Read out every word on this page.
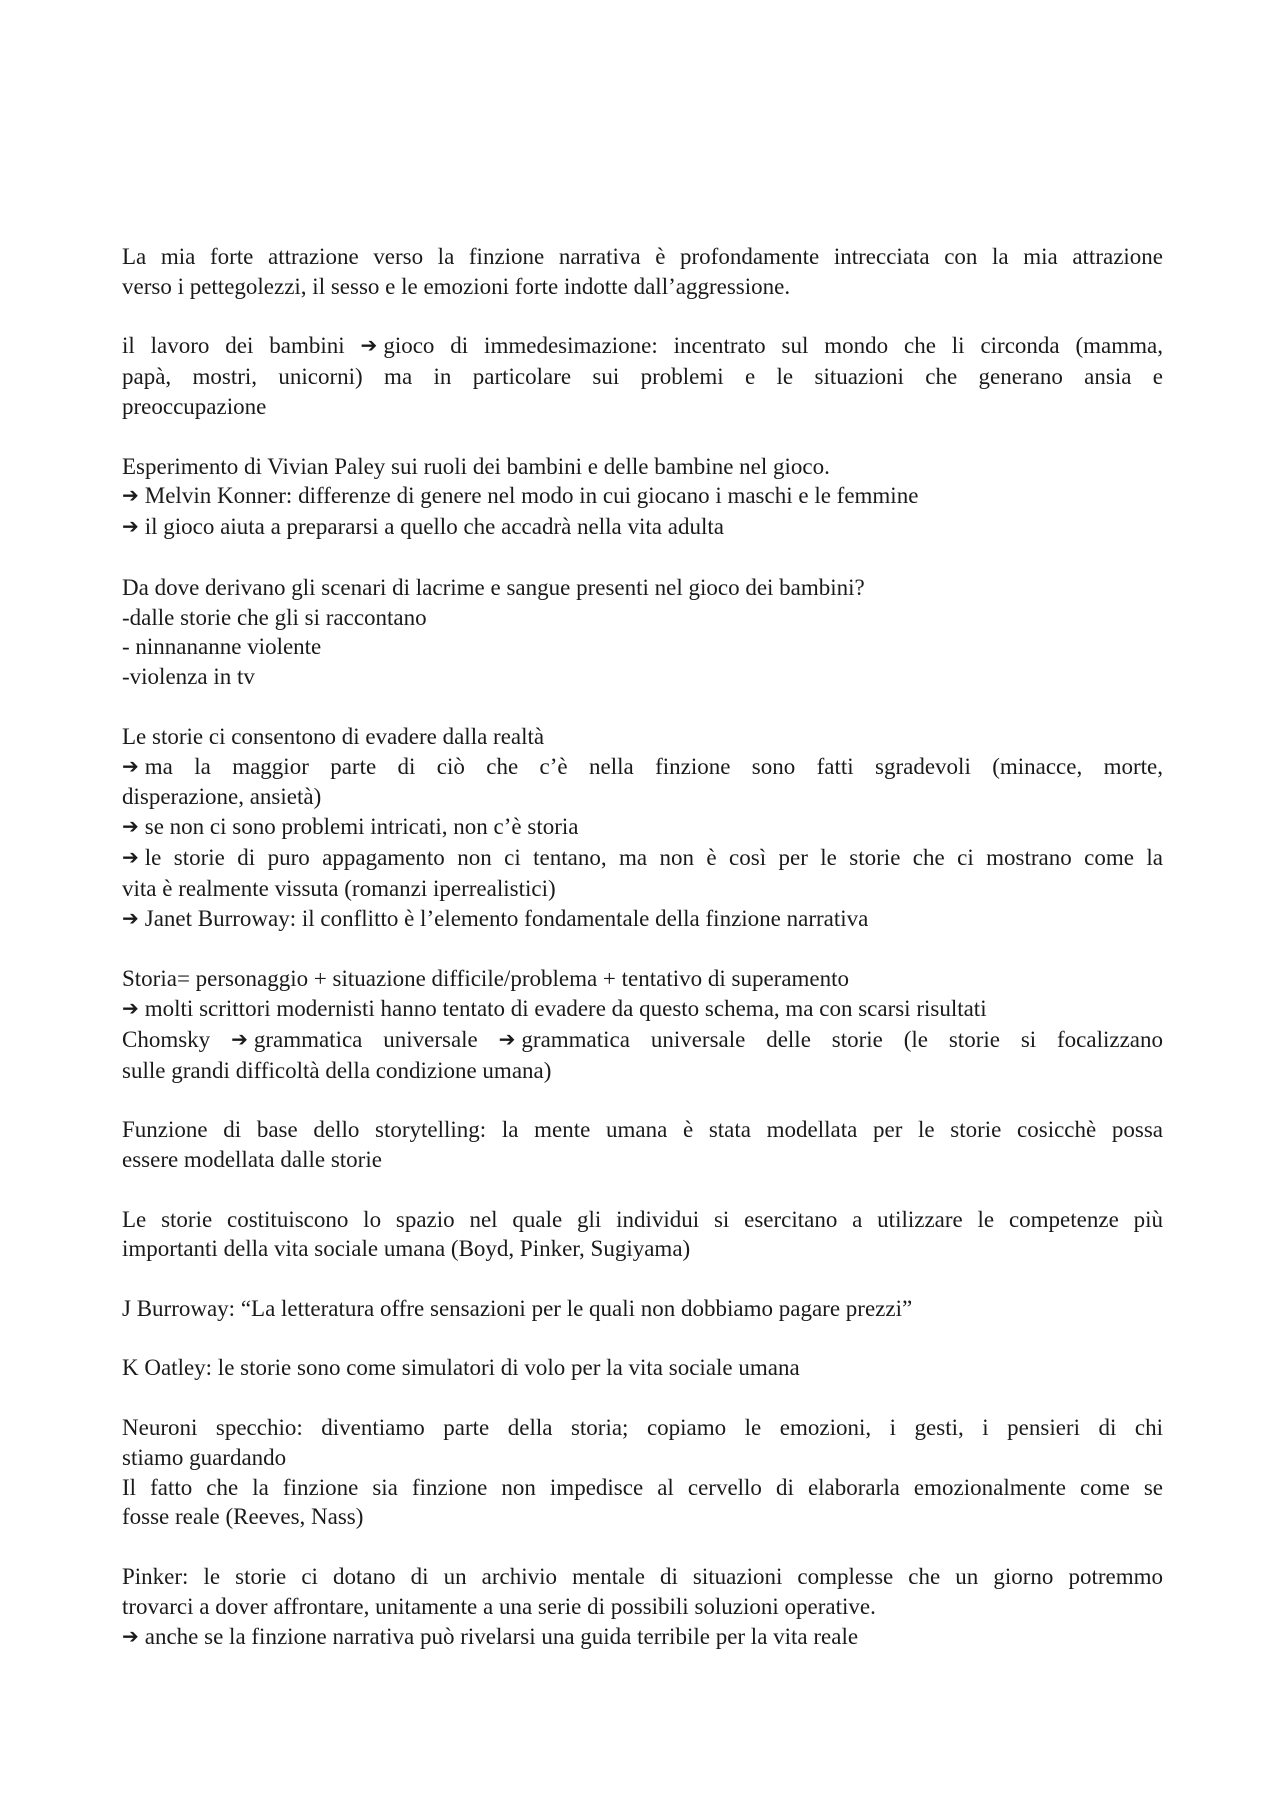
La mia forte attrazione verso la finzione narrativa è profondamente intrecciata con la mia attrazione
verso i pettegolezzi, il sesso e le emozioni forte indotte dall’aggressione.
il lavoro dei bambini ➔ gioco di immedesimazione: incentrato sul mondo che li circonda (mamma,
papà, mostri, unicorni) ma in particolare sui problemi e le situazioni che generano ansia e
preoccupazione
Esperimento di Vivian Paley sui ruoli dei bambini e delle bambine nel gioco.
➔ Melvin Konner: differenze di genere nel modo in cui giocano i maschi e le femmine
➔ il gioco aiuta a prepararsi a quello che accadrà nella vita adulta
Da dove derivano gli scenari di lacrime e sangue presenti nel gioco dei bambini?
-dalle storie che gli si raccontano
- ninnananne violente
-violenza in tv
Le storie ci consentono di evadere dalla realtà
➔ ma la maggior parte di ciò che c’è nella finzione sono fatti sgradevoli (minacce, morte,
disperazione, ansietà)
➔ se non ci sono problemi intricati, non c’è storia
➔ le storie di puro appagamento non ci tentano, ma non è così per le storie che ci mostrano come la
vita è realmente vissuta (romanzi iperrealistici)
➔ Janet Burroway: il conflitto è l’elemento fondamentale della finzione narrativa
Storia= personaggio + situazione difficile/problema + tentativo di superamento
➔ molti scrittori modernisti hanno tentato di evadere da questo schema, ma con scarsi risultati
Chomsky ➔ grammatica universale ➔ grammatica universale delle storie (le storie si focalizzano
sulle grandi difficoltà della condizione umana)
Funzione di base dello storytelling: la mente umana è stata modellata per le storie cosicchè possa
essere modellata dalle storie
Le storie costituiscono lo spazio nel quale gli individui si esercitano a utilizzare le competenze più
importanti della vita sociale umana (Boyd, Pinker, Sugiyama)
J Burroway: “La letteratura offre sensazioni per le quali non dobbiamo pagare prezzi”
K Oatley: le storie sono come simulatori di volo per la vita sociale umana
Neuroni specchio: diventiamo parte della storia; copiamo le emozioni, i gesti, i pensieri di chi
stiamo guardando
Il fatto che la finzione sia finzione non impedisce al cervello di elaborarla emozionalmente come se
fosse reale (Reeves, Nass)
Pinker: le storie ci dotano di un archivio mentale di situazioni complesse che un giorno potremmo
trovarci a dover affrontare, unitamente a una serie di possibili soluzioni operative.
➔ anche se la finzione narrativa può rivelarsi una guida terribile per la vita reale
